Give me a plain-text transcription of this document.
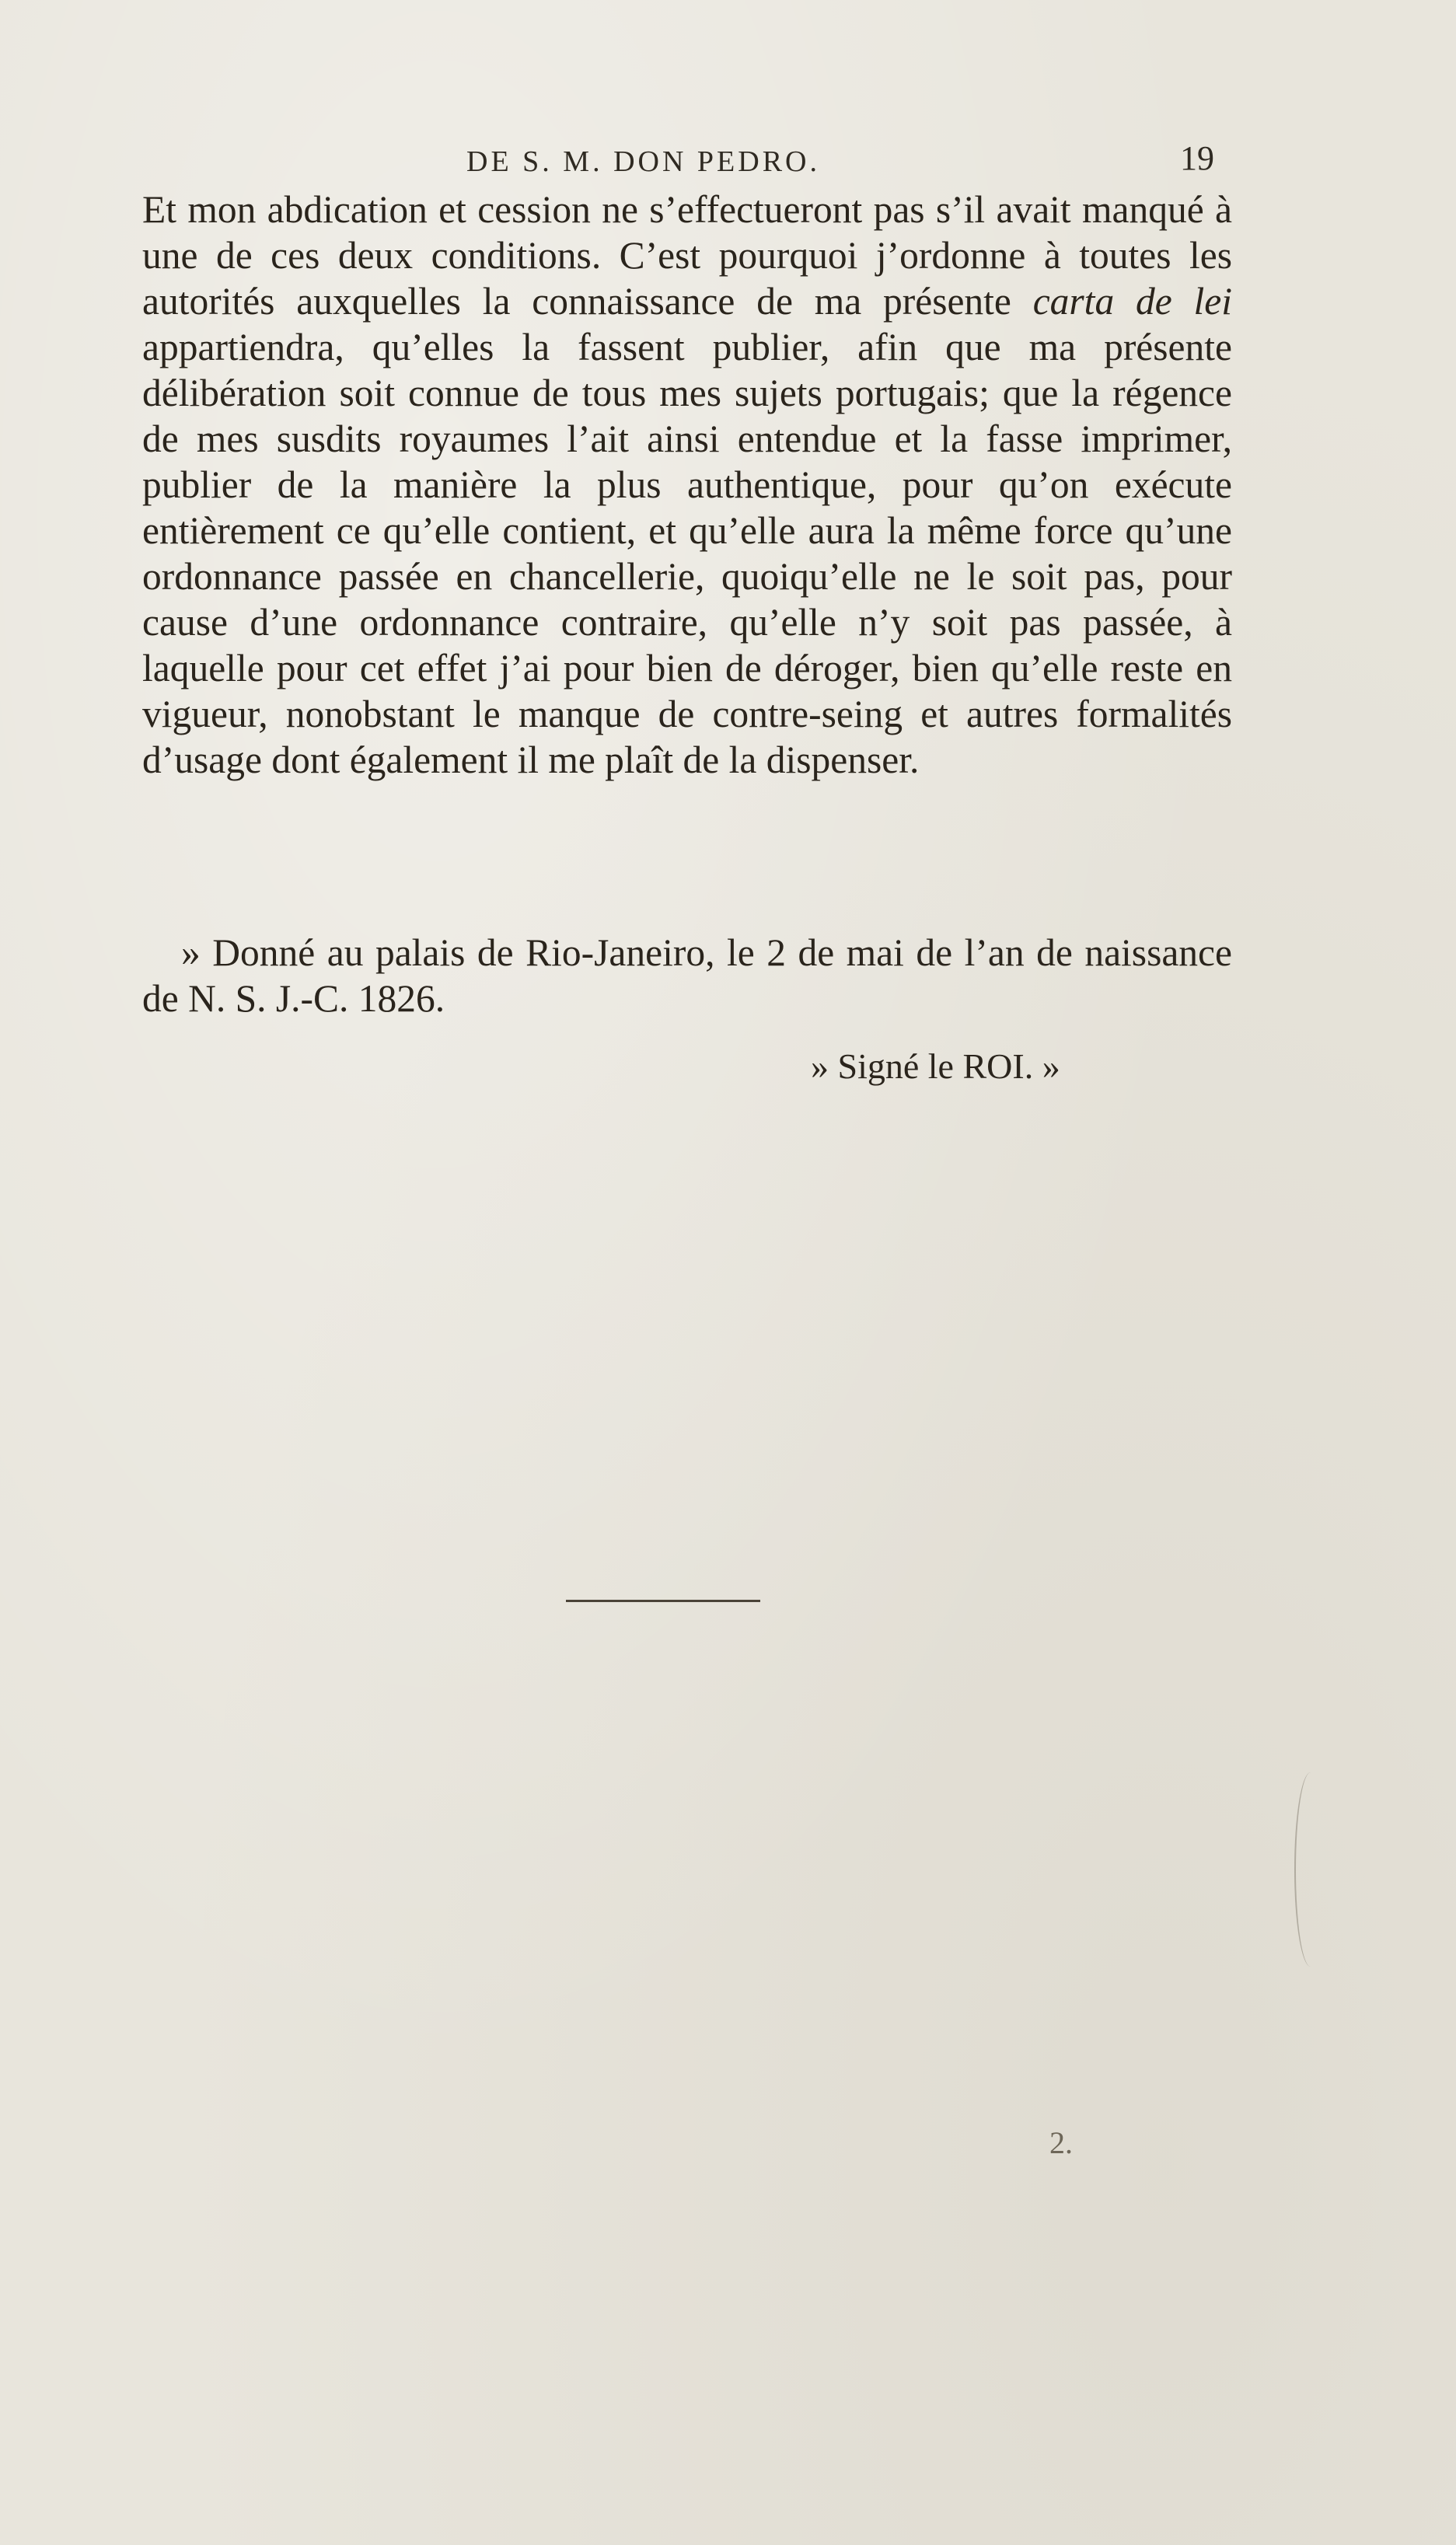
DE S. M. DON PEDRO.	19

Et mon abdication et cession ne s’effectueront pas s’il avait manqué à une de ces deux conditions. C’est pourquoi j’ordonne à toutes les autorités auxquelles la connaissance de ma présente carta de lei appartiendra, qu’elles la fassent publier, afin que ma présente délibération soit connue de tous mes sujets portugais; que la régence de mes susdits royaumes l’ait ainsi entendue et la fasse imprimer, publier de la manière la plus authentique, pour qu’on exécute entièrement ce qu’elle contient, et qu’elle aura la même force qu’une ordonnance passée en chancellerie, quoiqu’elle ne le soit pas, pour cause d’une ordonnance contraire, qu’elle n’y soit pas passée, à laquelle pour cet effet j’ai pour bien de déroger, bien qu’elle reste en vigueur, nonobstant le manque de contre-seing et autres formalités d’usage dont également il me plaît de la dispenser.

» Donné au palais de Rio-Janeiro, le 2 de mai de l’an de naissance de N. S. J.-C. 1826.
» Signé le ROI. »
2.
